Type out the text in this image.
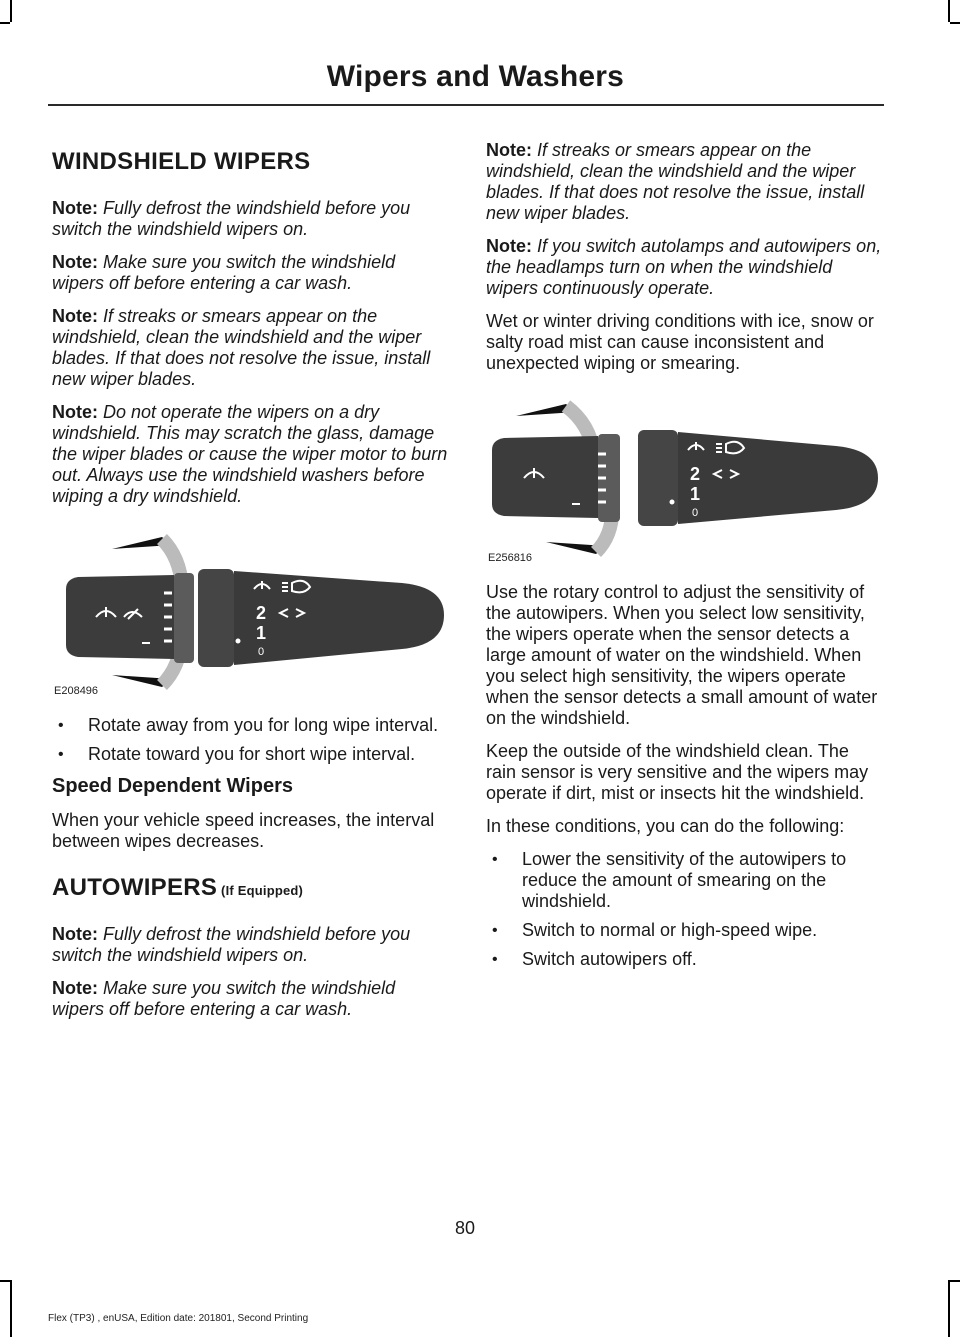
Wipers and Washers
WINDSHIELD WIPERS

Note: Fully defrost the windshield before you switch the windshield wipers on.

Note: Make sure you switch the windshield wipers off before entering a car wash.

Note: If streaks or smears appear on the windshield, clean the windshield and the wiper blades. If that does not resolve the issue, install new wiper blades.

Note: Do not operate the wipers on a dry windshield. This may scratch the glass, damage the wiper blades or cause the wiper motor to burn out. Always use the windshield washers before wiping a dry windshield.

2
1
0
E208496
• Rotate away from you for long wipe interval.
• Rotate toward you for short wipe interval.
Speed Dependent Wipers

When your vehicle speed increases, the interval between wipes decreases.

AUTOWIPERS (If Equipped)

Note: Fully defrost the windshield before you switch the windshield wipers on.

Note: Make sure you switch the windshield wipers off before entering a car wash.

Note: If streaks or smears appear on the windshield, clean the windshield and the wiper blades. If that does not resolve the issue, install new wiper blades.

Note: If you switch autolamps and autowipers on, the headlamps turn on when the windshield wipers continuously operate.

Wet or winter driving conditions with ice, snow or salty road mist can cause inconsistent and unexpected wiping or smearing.

A
U
T
O
2
1
0
E256816

Use the rotary control to adjust the sensitivity of the autowipers. When you select low sensitivity, the wipers operate when the sensor detects a large amount of water on the windshield. When you select high sensitivity, the wipers operate when the sensor detects a small amount of water on the windshield.

Keep the outside of the windshield clean. The rain sensor is very sensitive and the wipers may operate if dirt, mist or insects hit the windshield.

In these conditions, you can do the following:

• Lower the sensitivity of the autowipers to reduce the amount of smearing on the windshield.
• Switch to normal or high-speed wipe.
• Switch autowipers off.
80
Flex (TP3) , enUSA, Edition date: 201801, Second Printing
